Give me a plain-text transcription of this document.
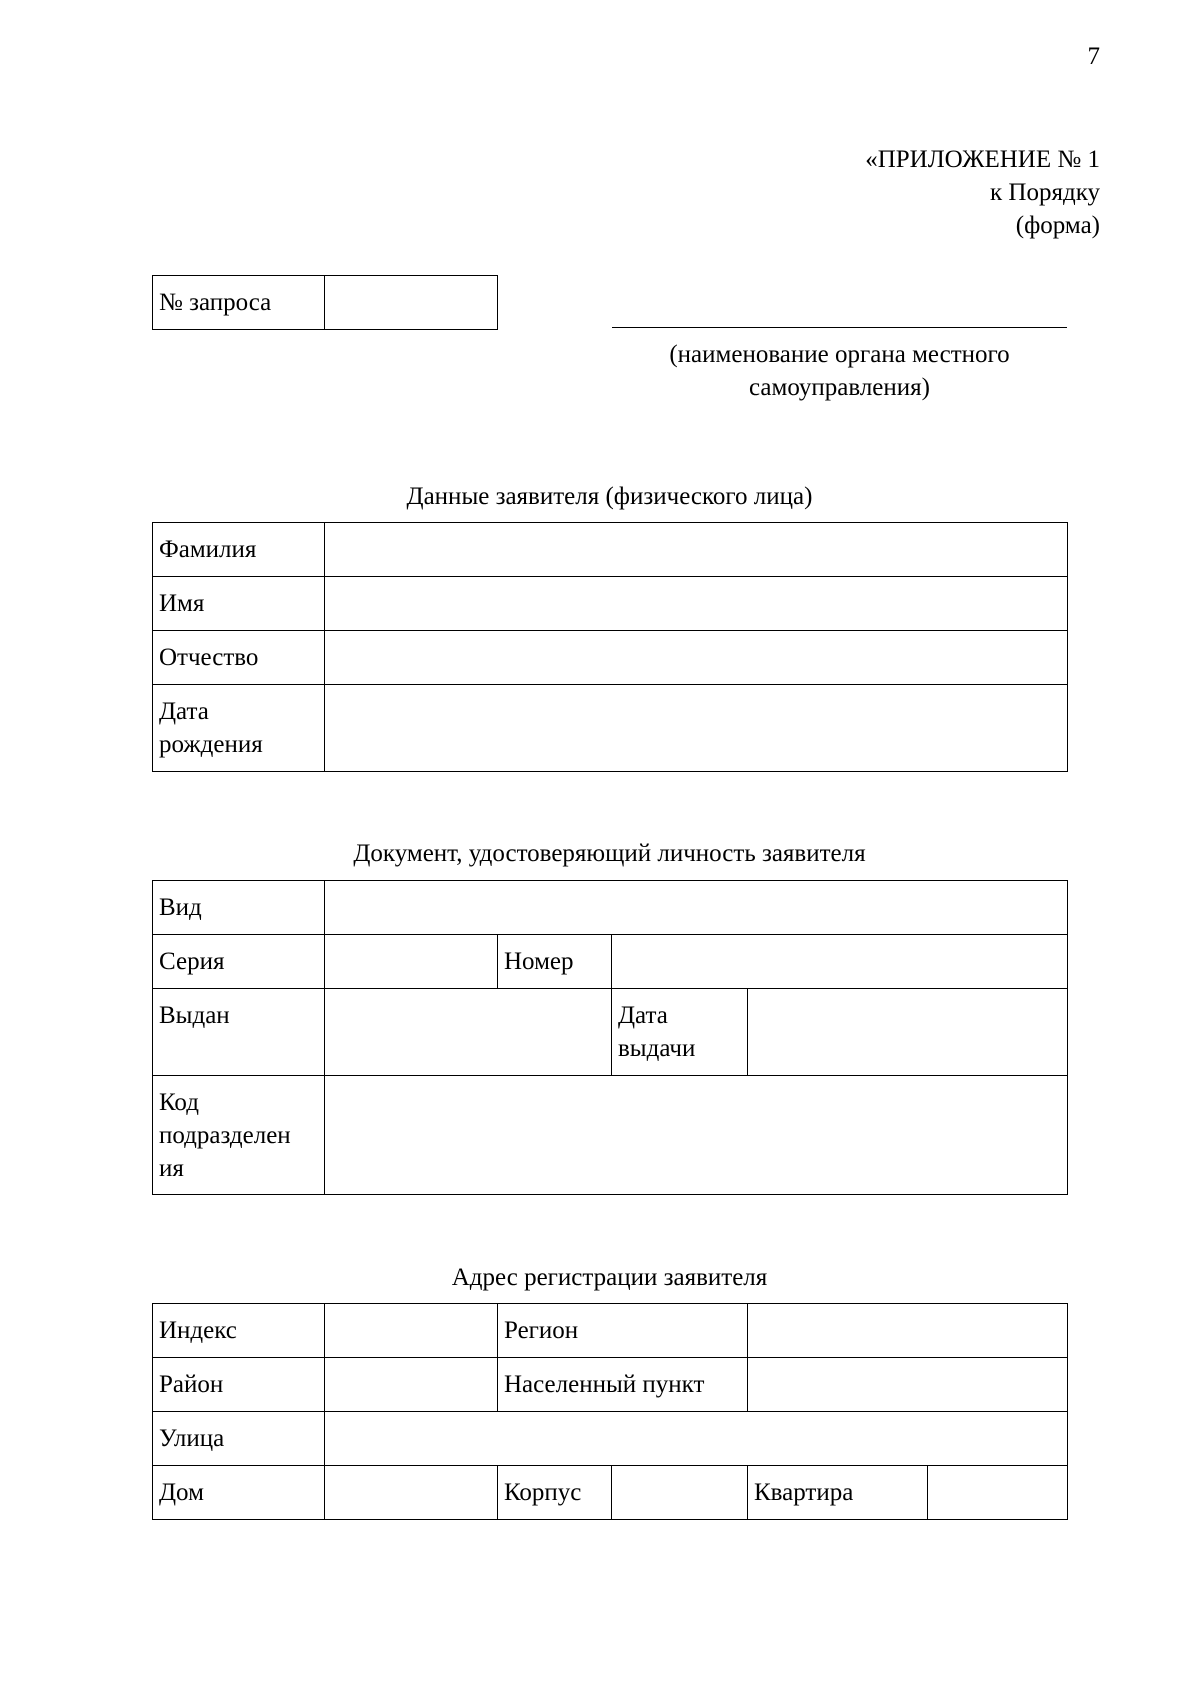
7
«ПРИЛОЖЕНИЕ № 1
к Порядку
(форма)
№ запроса	
(наименование органа местного
самоуправления)
Данные заявителя (физического лица)
Фамилия	
Имя	
Отчество	

Дата
рождения	

Документ, удостоверяющий личность заявителя
Вид				
Серия		Номер		
Выдан			Дата
выдачи	

Код
подразделен
ия				

Адрес регистрации заявителя
Индекс		Регион			
Район		Населенный пункт			
Улица					
Дом		Корпус		Квартира	
